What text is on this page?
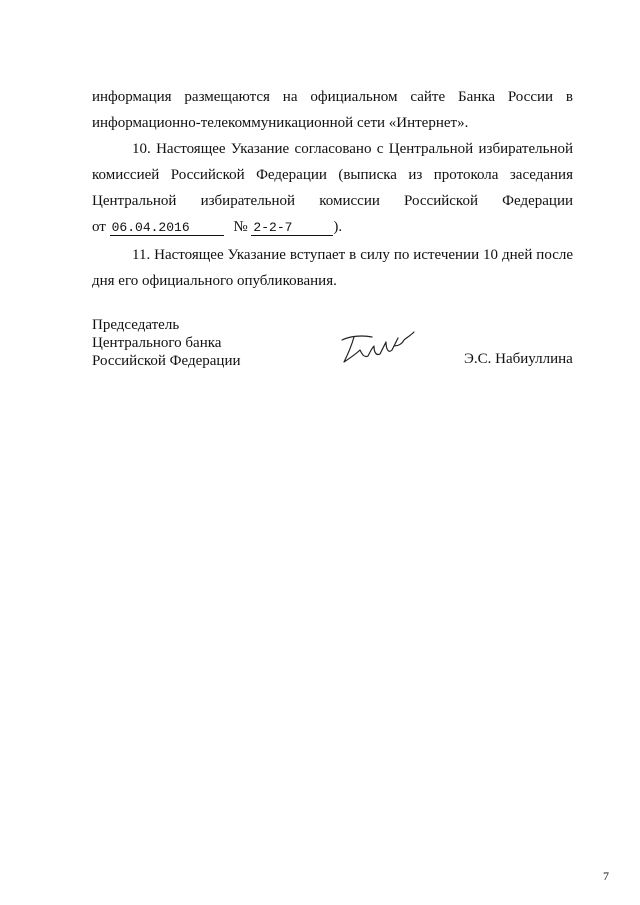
информация размещаются на официальном сайте Банка России в
информационно-телекоммуникационной сети «Интернет».
10. Настоящее Указание согласовано с Центральной избирательной
комиссией Российской Федерации (выписка из протокола заседания
Центральной избирательной комиссии Российской Федерации
от 06.04.2016	№ 2-2-7	).
11. Настоящее Указание вступает в силу по истечении 10 дней после
дня его официального опубликования.
Председатель
Центрального банка
Российской Федерации	Э.С. Набиуллина
7
